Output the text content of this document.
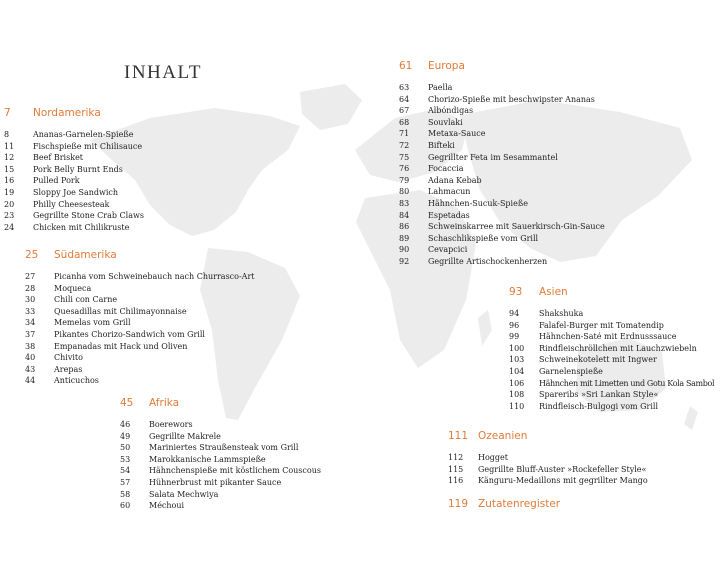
INHALT
7 Nordamerika
8	Ananas-Garnelen-Spieße
11 Fischspieße mit Chilisauce
12 Beef Brisket
15 Pork Belly Burnt Ends
16 Pulled Pork
19 Sloppy Joe Sandwich
20 Philly Cheesesteak
23 Gegrillte Stone Crab Claws
24 Chicken mit Chilikruste
25 Südamerika
27 Picanha vom Schweinebauch nach Churrasco-Art
28 Moqueca
30 Chili con Carne
33 Quesadillas mit Chilimayonnaise
34 Memelas vom Grill
37 Pikantes Chorizo-Sandwich vom Grill
38 Empanadas mit Hack und Oliven
40 Chivito
43 Arepas
44 Anticuchos
45 Afrika
46 Boerewors
49 Gegrillte Makrele
50 Mariniertes Straußensteak vom Grill
53 Marokkanische Lammspieße
54 Hähnchenspieße mit köstlichem Couscous
57 Hühnerbrust mit pikanter Sauce
58 Salata Mechwiya
60 Méchoui
61 Europa
63 Paella
64 Chorizo-Spieße mit beschwipster Ananas
67 Albóndigas
68 Souvlaki
71 Metaxa-Sauce
72 Bifteki
75 Gegrillter Feta im Sesammantel
76 Focaccia
79 Adana Kebab
80 Lahmacun
83 Hähnchen-Sucuk-Spieße
84 Espetadas
86 Schweinskarree mit Sauerkirsch-Gin-Sauce
89 Schaschlikspieße vom Grill
90 Cevapcici
92 Gegrillte Artischockenherzen
93 Asien
94 Shakshuka
96 Falafel-Burger mit Tomatendip
99 Hähnchen-Saté mit Erdnusssauce
100 Rindfleischröllchen mit Lauchzwiebeln
103 Schweinekotelett mit Ingwer
104 Garnelenspieße
106 Hähnchen mit Limetten und Gotu Kola Sambol
108 Spareribs »Sri Lankan Style«
110 Rindfleisch-Bulgogi vom Grill
111 Ozeanien
112 Hogget
115 Gegrillte Bluff-Auster »Rockefeller Style«
116 Känguru-Medaillons mit gegrillter Mango
119 Zutatenregister
